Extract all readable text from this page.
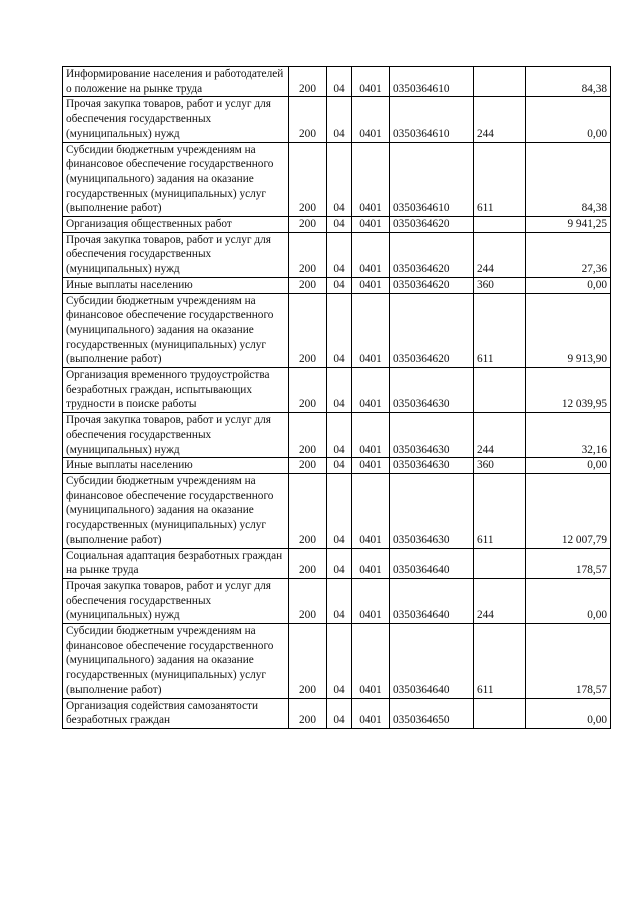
Информирование населения и работодателей о положение на рынке труда	200	04	0401	0350364610		84,38
Прочая закупка товаров, работ и услуг для обеспечения государственных (муниципальных) нужд	200	04	0401	0350364610	244	0,00
Субсидии бюджетным учреждениям на финансовое обеспечение государственного (муниципального) задания на оказание государственных (муниципальных) услуг (выполнение работ)	200	04	0401	0350364610	611	84,38
Организация общественных работ	200	04	0401	0350364620		9 941,25
Прочая закупка товаров, работ и услуг для обеспечения государственных (муниципальных) нужд	200	04	0401	0350364620	244	27,36
Иные выплаты населению	200	04	0401	0350364620	360	0,00
Субсидии бюджетным учреждениям на финансовое обеспечение государственного (муниципального) задания на оказание государственных (муниципальных) услуг (выполнение работ)	200	04	0401	0350364620	611	9 913,90
Организация временного трудоустройства безработных граждан, испытывающих трудности в поиске работы	200	04	0401	0350364630		12 039,95
Прочая закупка товаров, работ и услуг для обеспечения государственных (муниципальных) нужд	200	04	0401	0350364630	244	32,16
Иные выплаты населению	200	04	0401	0350364630	360	0,00
Субсидии бюджетным учреждениям на финансовое обеспечение государственного (муниципального) задания на оказание государственных (муниципальных) услуг (выполнение работ)	200	04	0401	0350364630	611	12 007,79
Социальная адаптация безработных граждан на рынке труда	200	04	0401	0350364640		178,57
Прочая закупка товаров, работ и услуг для обеспечения государственных (муниципальных) нужд	200	04	0401	0350364640	244	0,00
Субсидии бюджетным учреждениям на финансовое обеспечение государственного (муниципального) задания на оказание государственных (муниципальных) услуг (выполнение работ)	200	04	0401	0350364640	611	178,57
Организация содействия самозанятости безработных граждан	200	04	0401	0350364650		0,00
